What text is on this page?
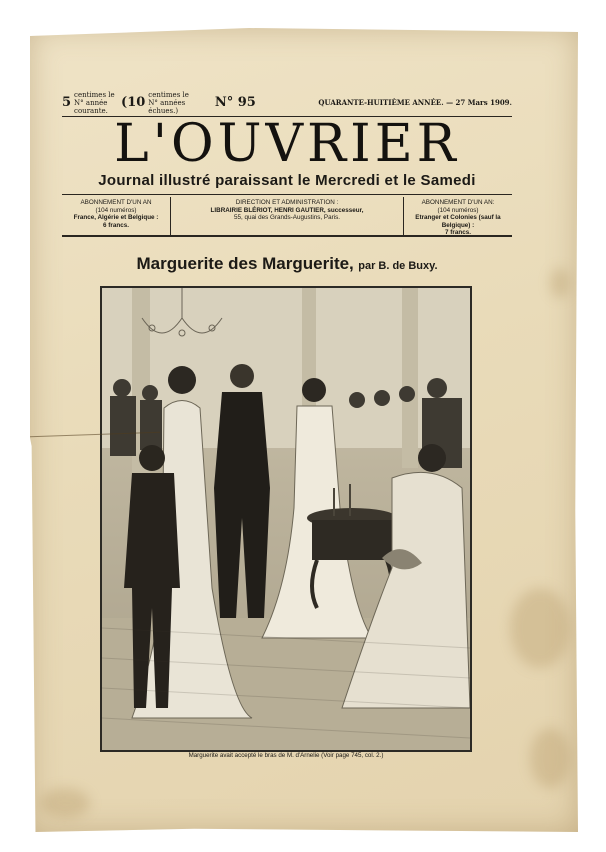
5 centimes le N° année courante.
(10 centimes le N° années échues.)
N° 95	QUARANTE-HUITIÈME ANNÉE. — 27 Mars 1909.
L'OUVRIER
Journal illustré paraissant le Mercredi et le Samedi
ABONNEMENT D'UN AN
(104 numéros)
France, Algérie et Belgique :
6 francs.
DIRECTION ET ADMINISTRATION :
LIBRAIRIE BLÉRIOT, HENRI GAUTIER, successeur,
55, quai des Grands-Augustins, Paris.
ABONNEMENT D'UN AN:
(104 numéros)
Etranger et Colonies (sauf la Belgique) :
7 francs.
Marguerite des Marguerite, par B. de Buxy.
Marguerite avait accepté le bras de M. d'Arnelie (Voir page 745, col. 2.)
